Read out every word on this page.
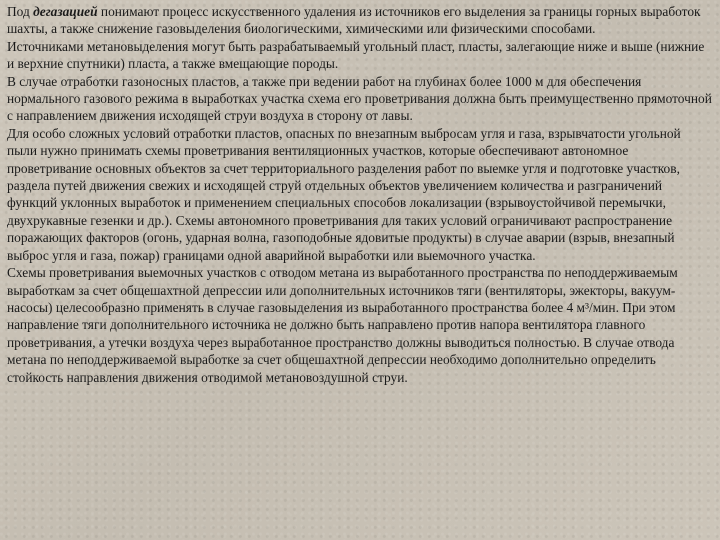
Под дегазацией понимают процесс искусственного удаления из источников его выделения за границы горных выработок шахты, а также снижение газовыделения биологическими, химическими или физическими способами.

Источниками метановыделения могут быть разрабатываемый угольный пласт, пласты, залегающие ниже и выше (нижние и верхние спутники) пласта, а также вмещающие породы.

В случае отработки газоносных пластов, а также при ведении работ на глубинах более 1000 м для обеспечения нормального газового режима в выработках участка схема его проветривания должна быть преимущественно прямоточной с направлением движения исходящей струи воздуха в сторону от лавы.

Для особо сложных условий отработки пластов, опасных по внезапным выбросам угля и газа, взрывчатости угольной пыли нужно принимать схемы проветривания вентиляционных участков, которые обеспечивают автономное проветривание основных объектов за счет территориального разделения работ по выемке угля и подготовке участков, раздела путей движения свежих и исходящей струй отдельных объектов увеличением количества и разграничений функций уклонных выработок и применением специальных способов локализации (взрывоустойчивой перемычки, двухрукавные гезенки и др.). Схемы автономного проветривания для таких условий ограничивают распространение поражающих факторов (огонь, ударная волна, газоподобные ядовитые продукты) в случае аварии (взрыв, внезапный выброс угля и газа, пожар) границами одной аварийной выработки или выемочного участка.

Схемы проветривания выемочных участков с отводом метана из выработанного пространства по неподдерживаемым выработкам за счет общешахтной депрессии или дополнительных источников тяги (вентиляторы, эжекторы, вакуум-насосы) целесообразно применять в случае газовыделения из выработанного пространства более 4 м³/мин. При этом направление тяги дополнительного источника не должно быть направлено против напора вентилятора главного проветривания, а утечки воздуха через выработанное пространство должны выводиться полностью. В случае отвода метана по неподдерживаемой выработке за счет общешахтной депрессии необходимо дополнительно определить стойкость направления движения отводимой метановоздушной струи.
